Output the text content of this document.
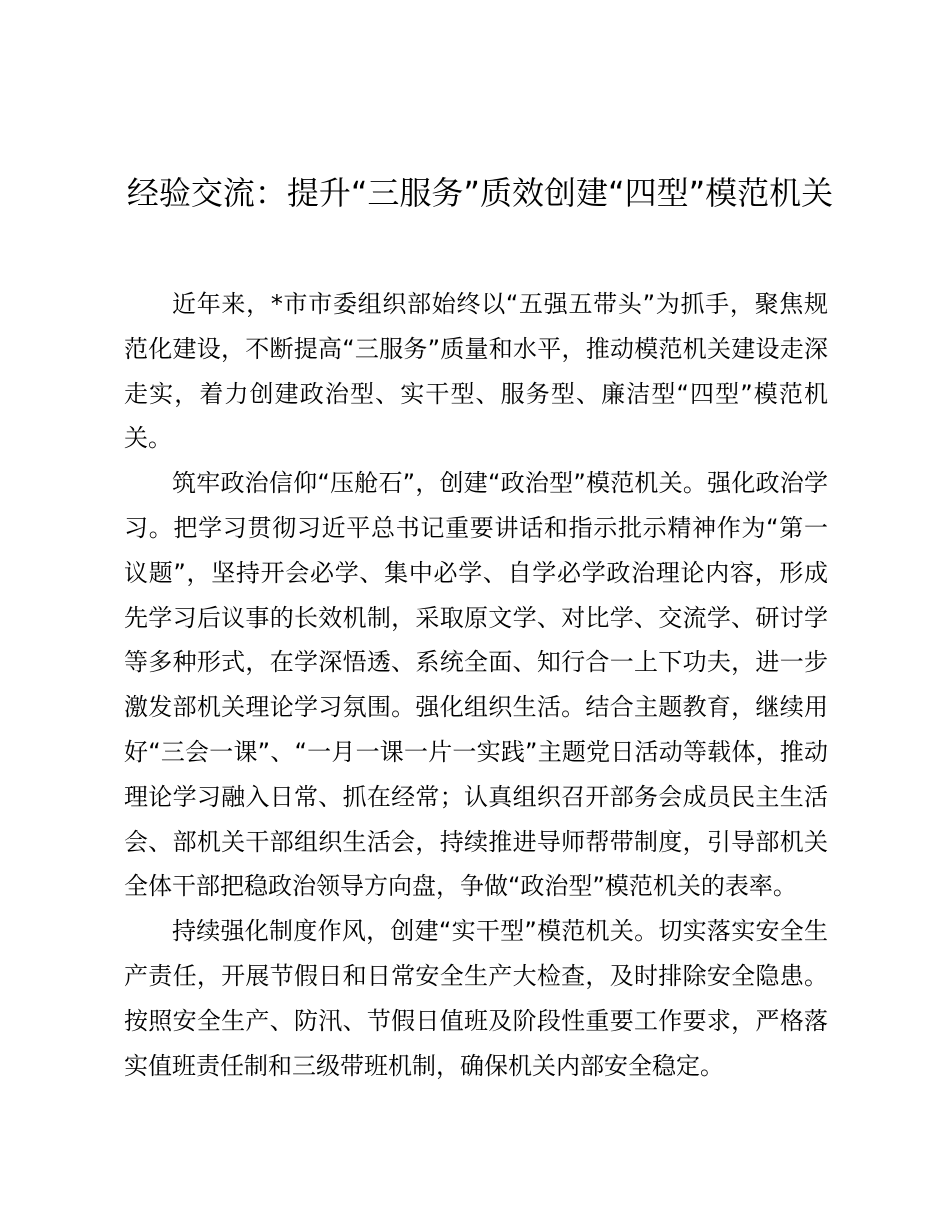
经验交流：提升“三服务”质效创建“四型”模范机关

近年来，*市市委组织部始终以“五强五带头”为抓手，聚焦规范化建设，不断提高“三服务”质量和水平，推动模范机关建设走深走实，着力创建政治型、实干型、服务型、廉洁型“四型”模范机关。

筑牢政治信仰“压舱石”，创建“政治型”模范机关。强化政治学习。把学习贯彻习近平总书记重要讲话和指示批示精神作为“第一议题”，坚持开会必学、集中必学、自学必学政治理论内容，形成先学习后议事的长效机制，采取原文学、对比学、交流学、研讨学等多种形式，在学深悟透、系统全面、知行合一上下功夫，进一步激发部机关理论学习氛围。强化组织生活。结合主题教育，继续用好“三会一课”、“一月一课一片一实践”主题党日活动等载体，推动理论学习融入日常、抓在经常；认真组织召开部务会成员民主生活会、部机关干部组织生活会，持续推进导师帮带制度，引导部机关全体干部把稳政治领导方向盘，争做“政治型”模范机关的表率。

持续强化制度作风，创建“实干型”模范机关。切实落实安全生产责任，开展节假日和日常安全生产大检查，及时排除安全隐患。按照安全生产、防汛、节假日值班及阶段性重要工作要求，严格落实值班责任制和三级带班机制，确保机关内部安全稳定。
